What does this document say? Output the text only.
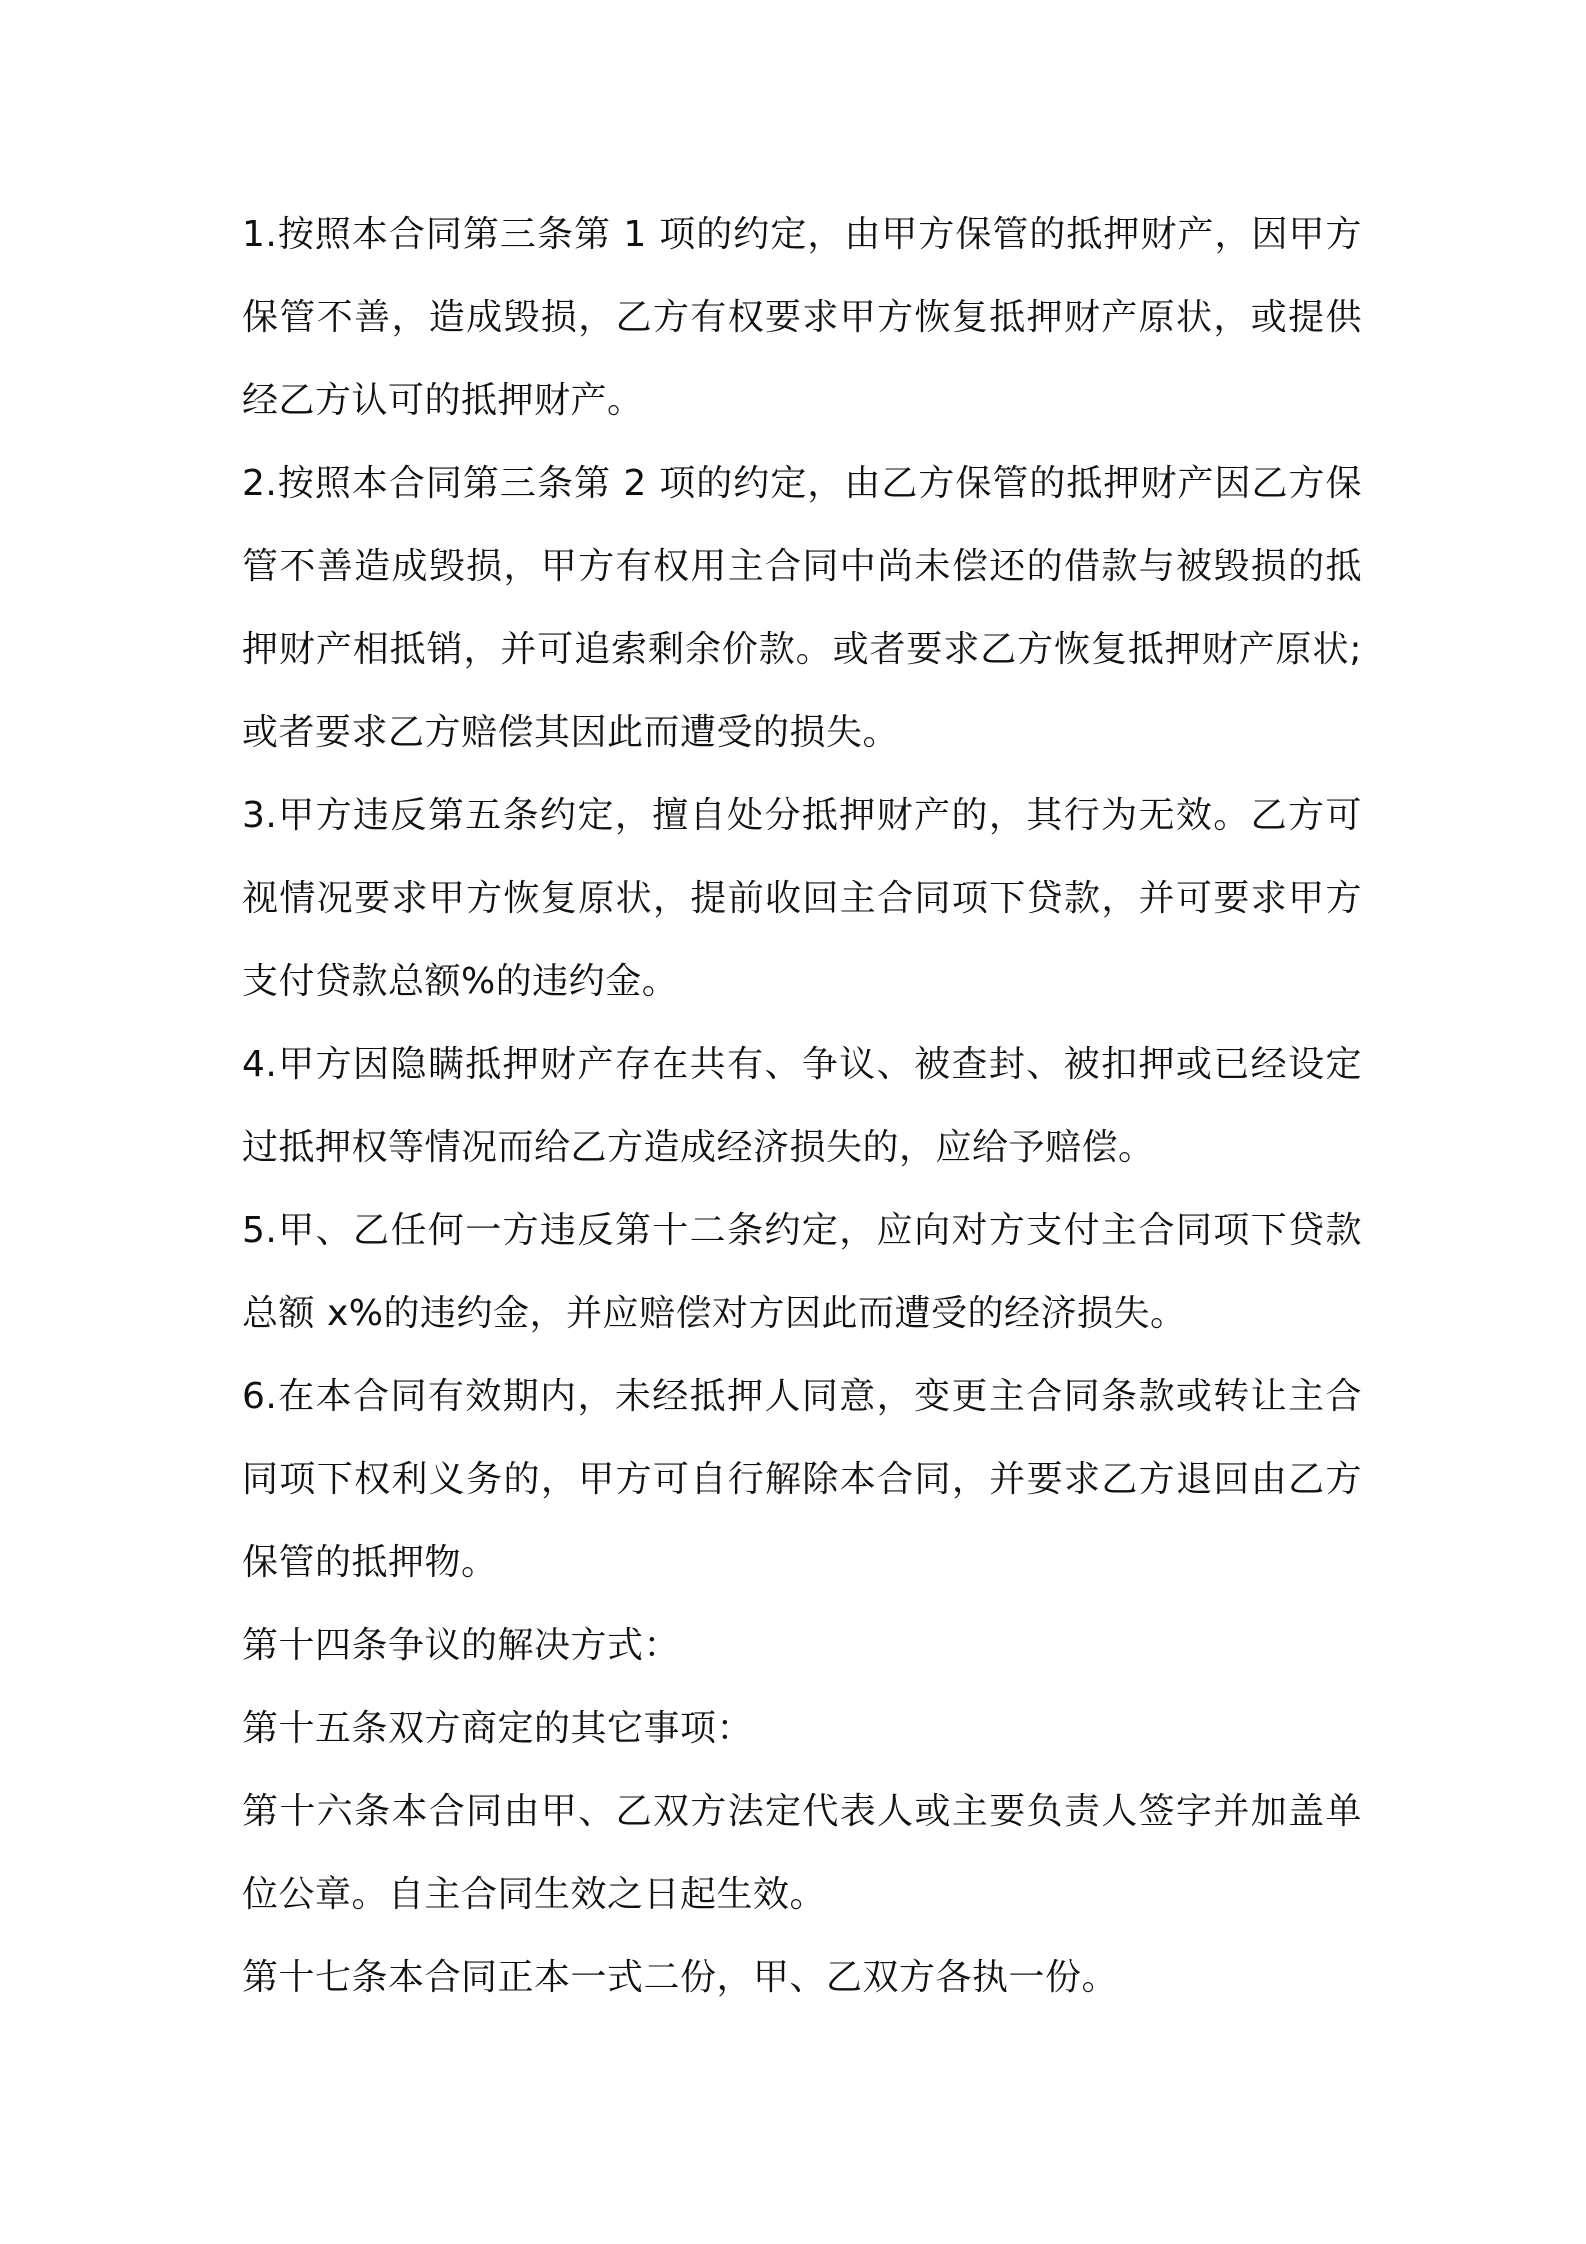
1.按照本合同第三条第 1 项的约定，由甲方保管的抵押财产，因甲方保管不善，造成毁损，乙方有权要求甲方恢复抵押财产原状，或提供经乙方认可的抵押财产。

2.按照本合同第三条第 2 项的约定，由乙方保管的抵押财产因乙方保管不善造成毁损，甲方有权用主合同中尚未偿还的借款与被毁损的抵押财产相抵销，并可追索剩余价款。或者要求乙方恢复抵押财产原状;或者要求乙方赔偿其因此而遭受的损失。

3.甲方违反第五条约定，擅自处分抵押财产的，其行为无效。乙方可视情况要求甲方恢复原状，提前收回主合同项下贷款，并可要求甲方支付贷款总额%的违约金。

4.甲方因隐瞒抵押财产存在共有、争议、被查封、被扣押或已经设定过抵押权等情况而给乙方造成经济损失的，应给予赔偿。

5.甲、乙任何一方违反第十二条约定，应向对方支付主合同项下贷款总额 x%的违约金，并应赔偿对方因此而遭受的经济损失。

6.在本合同有效期内，未经抵押人同意，变更主合同条款或转让主合同项下权利义务的，甲方可自行解除本合同，并要求乙方退回由乙方保管的抵押物。

第十四条争议的解决方式：

第十五条双方商定的其它事项：

第十六条本合同由甲、乙双方法定代表人或主要负责人签字并加盖单位公章。自主合同生效之日起生效。

第十七条本合同正本一式二份，甲、乙双方各执一份。
